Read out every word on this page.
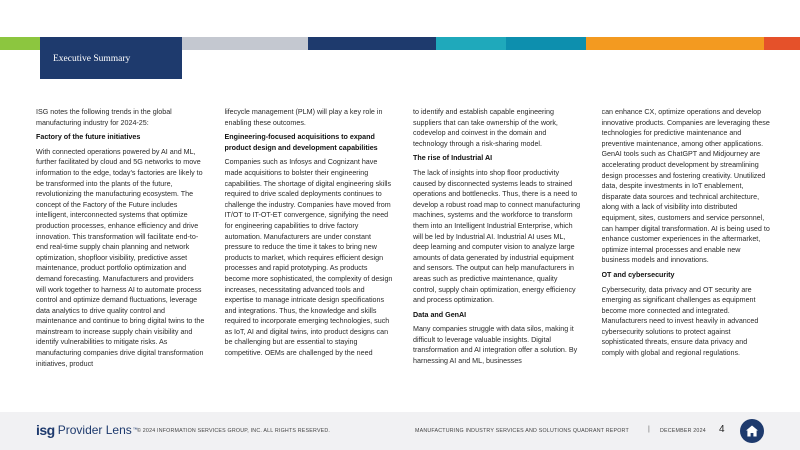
Executive Summary

ISG notes the following trends in the global manufacturing industry for 2024-25:

Factory of the future initiatives

With connected operations powered by AI and ML, further facilitated by cloud and 5G networks to move information to the edge, today’s factories are likely to be transformed into the plants of the future, revolutionizing the manufacturing ecosystem. The concept of the Factory of the Future includes intelligent, interconnected systems that optimize production processes, enhance efficiency and drive innovation. This transformation will facilitate end-to-end real-time supply chain planning and network optimization, shopfloor visibility, predictive asset maintenance, product portfolio optimization and demand forecasting. Manufacturers and providers will work together to harness AI to automate process control and optimize demand fluctuations, leverage data analytics to drive quality control and maintenance and continue to bring digital twins to the mainstream to increase supply chain visibility and identify vulnerabilities to mitigate risks. As manufacturing companies drive digital transformation initiatives, product

lifecycle management (PLM) will play a key role in enabling these outcomes.

Engineering-focused acquisitions to expand product design and development capabilities

Companies such as Infosys and Cognizant have made acquisitions to bolster their engineering capabilities. The shortage of digital engineering skills required to drive scaled deployments continues to challenge the industry. Companies have moved from IT/OT to IT-OT-ET convergence, signifying the need for engineering capabilities to drive factory automation. Manufacturers are under constant pressure to reduce the time it takes to bring new products to market, which requires efficient design processes and rapid prototyping. As products become more sophisticated, the complexity of design increases, necessitating advanced tools and expertise to manage intricate design specifications and integrations. Thus, the knowledge and skills required to incorporate emerging technologies, such as IoT, AI and digital twins, into product designs can be challenging but are essential to staying competitive. OEMs are challenged by the need

to identify and establish capable engineering suppliers that can take ownership of the work, codevelop and coinvest in the domain and technology through a risk-sharing model.

The rise of Industrial AI

The lack of insights into shop floor productivity caused by disconnected systems leads to strained operations and bottlenecks. Thus, there is a need to develop a robust road map to connect manufacturing machines, systems and the workforce to transform them into an Intelligent Industrial Enterprise, which will be led by Industrial AI. Industrial AI uses ML, deep learning and computer vision to analyze large amounts of data generated by industrial equipment and sensors. The output can help manufacturers in areas such as predictive maintenance, quality control, supply chain optimization, energy efficiency and process optimization.

Data and GenAI

Many companies struggle with data silos, making it difficult to leverage valuable insights. Digital transformation and AI integration offer a solution. By harnessing AI and ML, businesses

can enhance CX, optimize operations and develop innovative products. Companies are leveraging these technologies for predictive maintenance and preventive maintenance, among other applications. GenAI tools such as ChatGPT and Midjourney are accelerating product development by streamlining design processes and fostering creativity. Unutilized data, despite investments in IoT enablement, disparate data sources and technical architecture, along with a lack of visibility into distributed equipment, sites, customers and service personnel, can hamper digital transformation. AI is being used to enhance customer experiences in the aftermarket, optimize internal processes and enable new business models and innovations.

OT and cybersecurity

Cybersecurity, data privacy and OT security are emerging as significant challenges as equipment become more connected and integrated. Manufacturers need to invest heavily in advanced cybersecurity solutions to protect against sophisticated threats, ensure data privacy and comply with global and regional regulations.

isg Provider Lens ™ © 2024 INFORMATION SERVICES GROUP, INC. ALL RIGHTS RESERVED.	MANUFACTURING INDUSTRY SERVICES AND SOLUTIONS QUADRANT REPORT	| DECEMBER 2024 4
